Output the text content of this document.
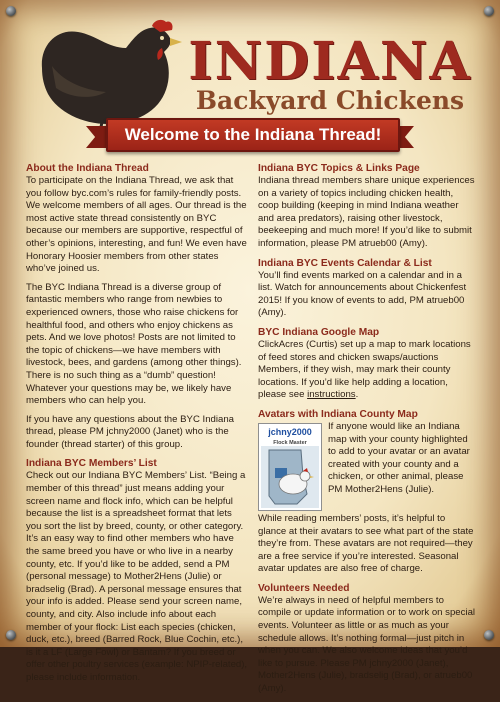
INDIANA
Backyard Chickens
Welcome to the Indiana Thread!
About the Indiana Thread

To participate on the Indiana Thread, we ask that you follow byc.com’s rules for family-friendly posts. We welcome members of all ages. Our thread is the most active state thread consistently on BYC because our members are supportive, respectful of other’s opinions, interesting, and fun! We even have Honorary Hoosier members from other states who’ve joined us.

The BYC Indiana Thread is a diverse group of fantastic members who range from newbies to experienced owners, those who raise chickens for healthful food, and others who enjoy chickens as pets. And we love photos! Posts are not limited to the topic of chickens—we have members with livestock, bees, and gardens (among other things). There is no such thing as a “dumb” question! Whatever your questions may be, we likely have members who can help you.

If you have any questions about the BYC Indiana thread, please PM jchny2000 (Janet) who is the founder (thread starter) of this group.

Indiana BYC Members’ List

Check out our Indiana BYC Members’ List. “Being a member of this thread” just means adding your screen name and flock info, which can be helpful because the list is a spreadsheet format that lets you sort the list by breed, county, or other category. It’s an easy way to find other members who have the same breed you have or who live in a nearby county, etc. If you’d like to be added, send a PM (personal message) to Mother2Hens (Julie) or bradselig (Brad). A personal message ensures that your info is added. Please send your screen name, county, and city. Also include info about each member of your flock: List each species (chicken, duck, etc.), breed (Barred Rock, Blue Cochin, etc.), is it a LF (Large Fowl) or Bantam? If you breed or offer other poultry services (example: NPIP-related), please include information.

Indiana BYC Topics & Links Page

Indiana thread members share unique experiences on a variety of topics including chicken health, coop building (keeping in mind Indiana weather and area predators), raising other livestock, beekeeping and much more! If you’d like to submit information, please PM atrueb00 (Amy).

Indiana BYC Events Calendar & List

You’ll find events marked on a calendar and in a list. Watch for announcements about Chickenfest 2015! If you know of events to add, PM atrueb00 (Amy).

BYC Indiana Google Map

ClickAcres (Curtis) set up a map to mark locations of feed stores and chicken swaps/auctions Members, if they wish, may mark their county locations. If you’d like help adding a location, please see instructions.

Avatars with Indiana County Map
jchny2000
Flock Master

If anyone would like an Indiana map with your county highlighted to add to your avatar or an avatar created with your county and a chicken, or other animal, please PM Mother2Hens (Julie).

While reading members’ posts, it’s helpful to glance at their avatars to see what part of the state they’re from. These avatars are not required—they are a free service if you’re interested. Seasonal avatar updates are also free of charge.

Volunteers Needed

We’re always in need of helpful members to compile or update information or to work on special events. Volunteer as little or as much as your schedule allows. It’s nothing formal—just pitch in when you can. We also welcome ideas that you’d like to pursue. Please PM jchny2000 (Janet), Mother2Hens (Julie), bradselig (Brad), or atrueb00 (Amy).
